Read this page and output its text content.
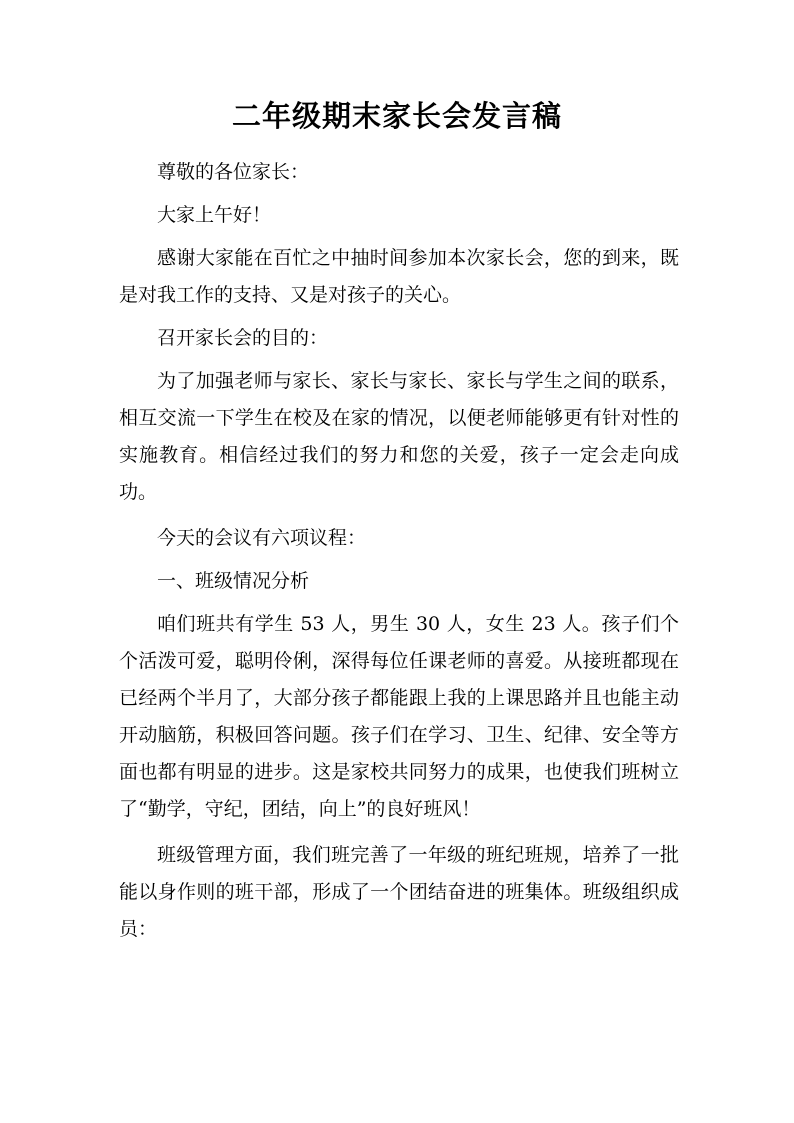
二年级期末家长会发言稿

尊敬的各位家长：

大家上午好！

感谢大家能在百忙之中抽时间参加本次家长会，您的到来，既是对我工作的支持、又是对孩子的关心。

召开家长会的目的：

为了加强老师与家长、家长与家长、家长与学生之间的联系，相互交流一下学生在校及在家的情况，以便老师能够更有针对性的实施教育。相信经过我们的努力和您的关爱，孩子一定会走向成功。

今天的会议有六项议程：

一、班级情况分析

咱们班共有学生 53 人，男生 30 人，女生 23 人。孩子们个个活泼可爱，聪明伶俐，深得每位任课老师的喜爱。从接班都现在已经两个半月了，大部分孩子都能跟上我的上课思路并且也能主动开动脑筋，积极回答问题。孩子们在学习、卫生、纪律、安全等方面也都有明显的进步。这是家校共同努力的成果，也使我们班树立了“勤学，守纪，团结，向上”的良好班风！

班级管理方面，我们班完善了一年级的班纪班规，培养了一批能以身作则的班干部，形成了一个团结奋进的班集体。班级组织成员：
